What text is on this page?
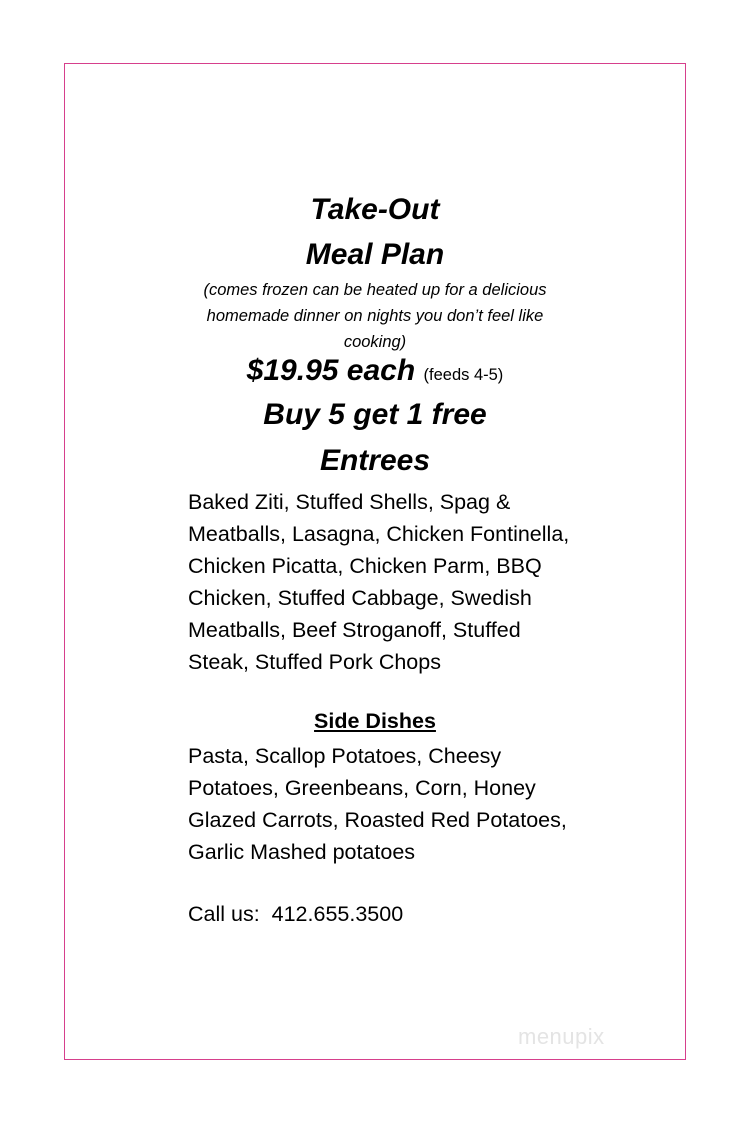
Take-Out
Meal Plan
(comes frozen can be heated up for a delicious homemade dinner on nights you don’t feel like cooking)
$19.95 each (feeds 4-5)
Buy 5 get 1 free
Entrees
Baked Ziti, Stuffed Shells, Spag & Meatballs, Lasagna, Chicken Fontinella, Chicken Picatta, Chicken Parm, BBQ Chicken, Stuffed Cabbage, Swedish Meatballs, Beef Stroganoff, Stuffed Steak, Stuffed Pork Chops
Side Dishes
Pasta, Scallop Potatoes, Cheesy Potatoes, Greenbeans, Corn, Honey Glazed Carrots, Roasted Red Potatoes, Garlic Mashed potatoes
Call us:  412.655.3500
menupix
